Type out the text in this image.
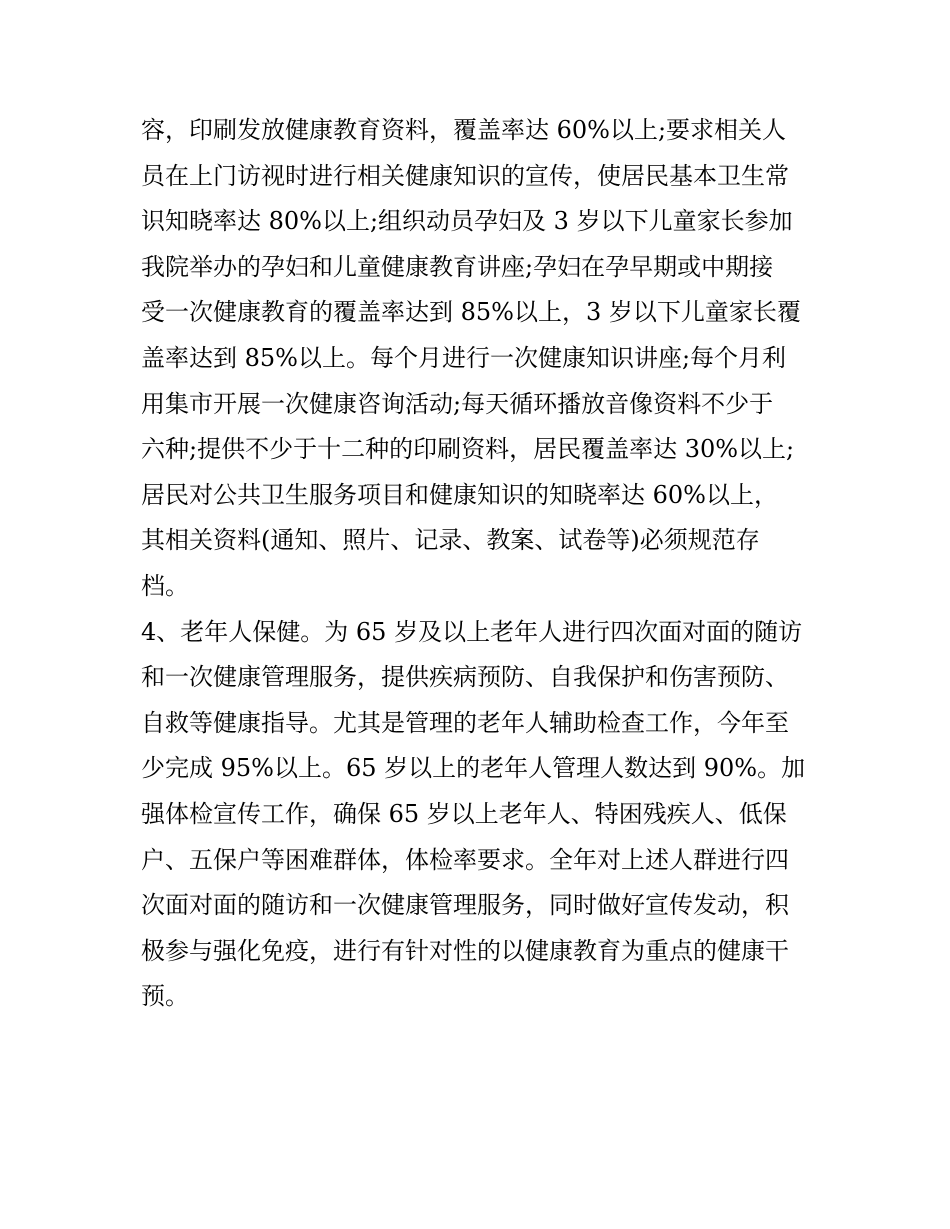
容，印刷发放健康教育资料，覆盖率达 60%以上;要求相关人
员在上门访视时进行相关健康知识的宣传，使居民基本卫生常
识知晓率达 80%以上;组织动员孕妇及 3 岁以下儿童家长参加
我院举办的孕妇和儿童健康教育讲座;孕妇在孕早期或中期接
受一次健康教育的覆盖率达到 85%以上，3 岁以下儿童家长覆
盖率达到 85%以上。每个月进行一次健康知识讲座;每个月利
用集市开展一次健康咨询活动;每天循环播放音像资料不少于
六种;提供不少于十二种的印刷资料，居民覆盖率达 30%以上;
居民对公共卫生服务项目和健康知识的知晓率达 60%以上，
其相关资料(通知、照片、记录、教案、试卷等)必须规范存
档。
4、老年人保健。为 65 岁及以上老年人进行四次面对面的随访
和一次健康管理服务，提供疾病预防、自我保护和伤害预防、
自救等健康指导。尤其是管理的老年人辅助检查工作，今年至
少完成 95%以上。65 岁以上的老年人管理人数达到 90%。加
强体检宣传工作，确保 65 岁以上老年人、特困残疾人、低保
户、五保户等困难群体，体检率要求。全年对上述人群进行四
次面对面的随访和一次健康管理服务，同时做好宣传发动，积
极参与强化免疫，进行有针对性的以健康教育为重点的健康干
预。
